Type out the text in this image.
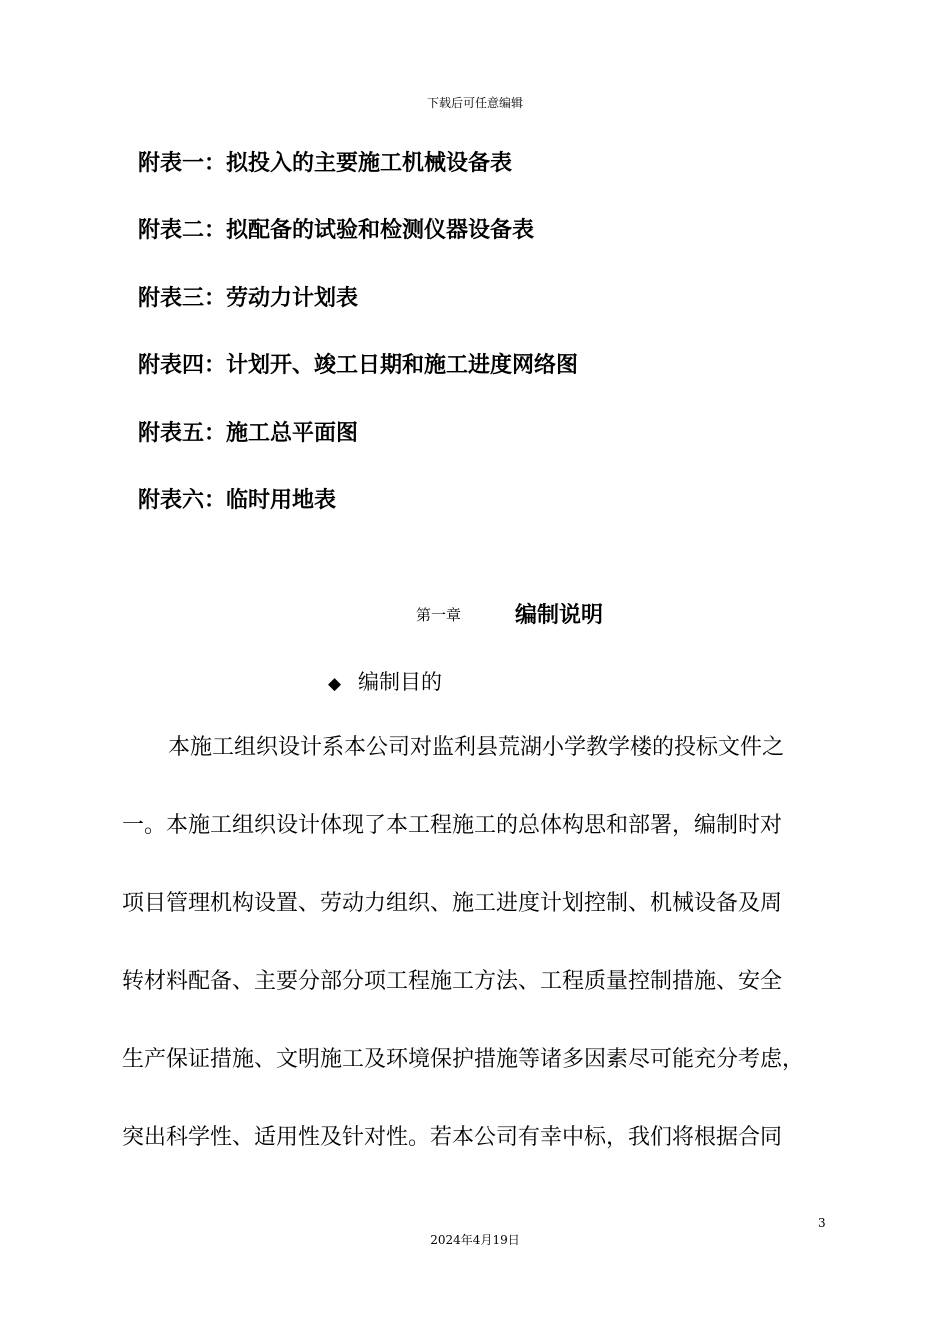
下载后可任意编辑
附表一：拟投入的主要施工机械设备表
附表二：拟配备的试验和检测仪器设备表
附表三：劳动力计划表
附表四：计划开、竣工日期和施工进度网络图
附表五：施工总平面图
附表六：临时用地表
第一章 编制说明
◆ 编制目的
本施工组织设计系本公司对监利县荒湖小学教学楼的投标文件之
一。本施工组织设计体现了本工程施工的总体构思和部署，编制时对
项目管理机构设置、劳动力组织、施工进度计划控制、机械设备及周
转材料配备、主要分部分项工程施工方法、工程质量控制措施、安全
生产保证措施、文明施工及环境保护措施等诸多因素尽可能充分考虑，
突出科学性、适用性及针对性。若本公司有幸中标，我们将根据合同
3
2024年4月19日
